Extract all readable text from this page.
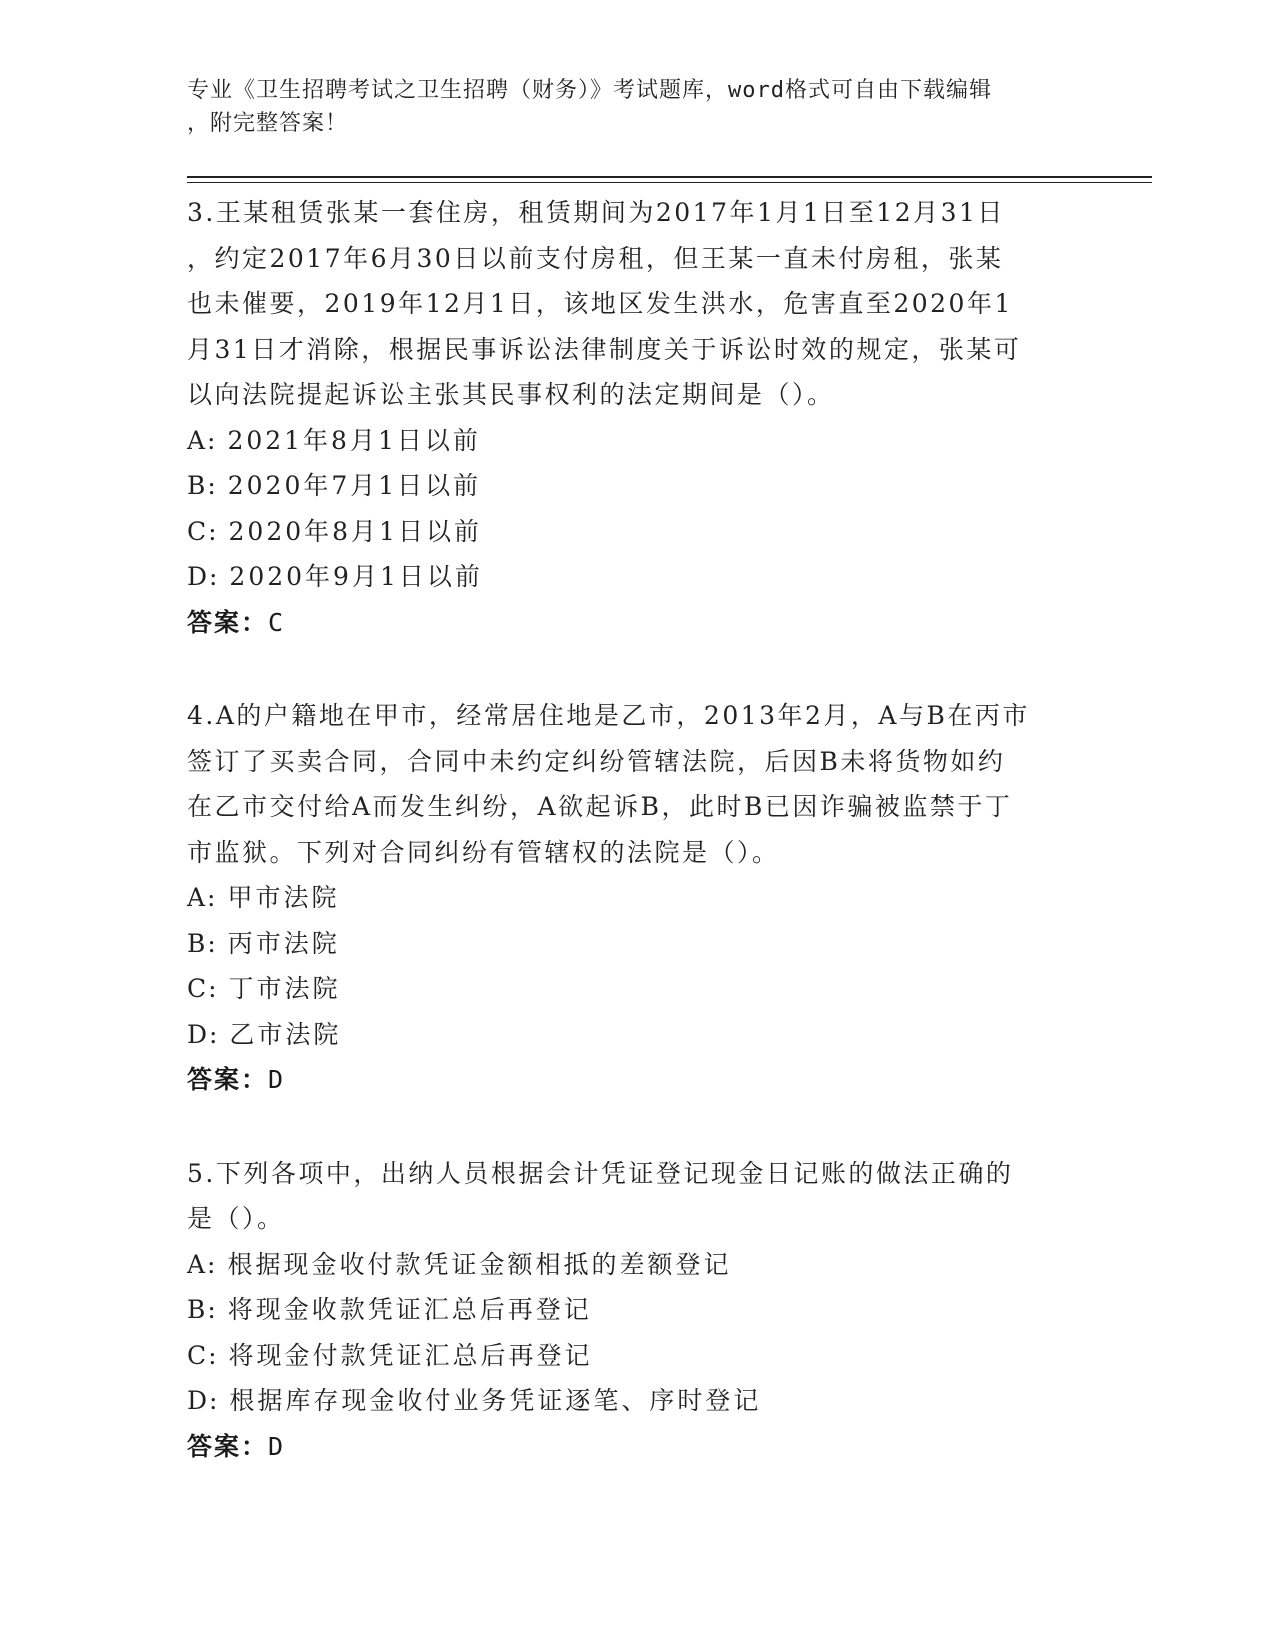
专业《卫生招聘考试之卫生招聘（财务）》考试题库，word格式可自由下载编辑
，附完整答案！
3.王某租赁张某一套住房，租赁期间为2017年1月1日至12月31日
，约定2017年6月30日以前支付房租，但王某一直未付房租，张某
也未催要，2019年12月1日，该地区发生洪水，危害直至2020年1
月31日才消除，根据民事诉讼法律制度关于诉讼时效的规定，张某可
以向法院提起诉讼主张其民事权利的法定期间是（）。
A: 2021年8月1日以前
B: 2020年7月1日以前
C: 2020年8月1日以前
D: 2020年9月1日以前
答案：C
4.A的户籍地在甲市，经常居住地是乙市，2013年2月，A与B在丙市
签订了买卖合同，合同中未约定纠纷管辖法院，后因B未将货物如约
在乙市交付给A而发生纠纷，A欲起诉B，此时B已因诈骗被监禁于丁
市监狱。下列对合同纠纷有管辖权的法院是（）。
A: 甲市法院
B: 丙市法院
C: 丁市法院
D: 乙市法院
答案：D
5.下列各项中，出纳人员根据会计凭证登记现金日记账的做法正确的
是（）。
A: 根据现金收付款凭证金额相抵的差额登记
B: 将现金收款凭证汇总后再登记
C: 将现金付款凭证汇总后再登记
D: 根据库存现金收付业务凭证逐笔、序时登记
答案：D
